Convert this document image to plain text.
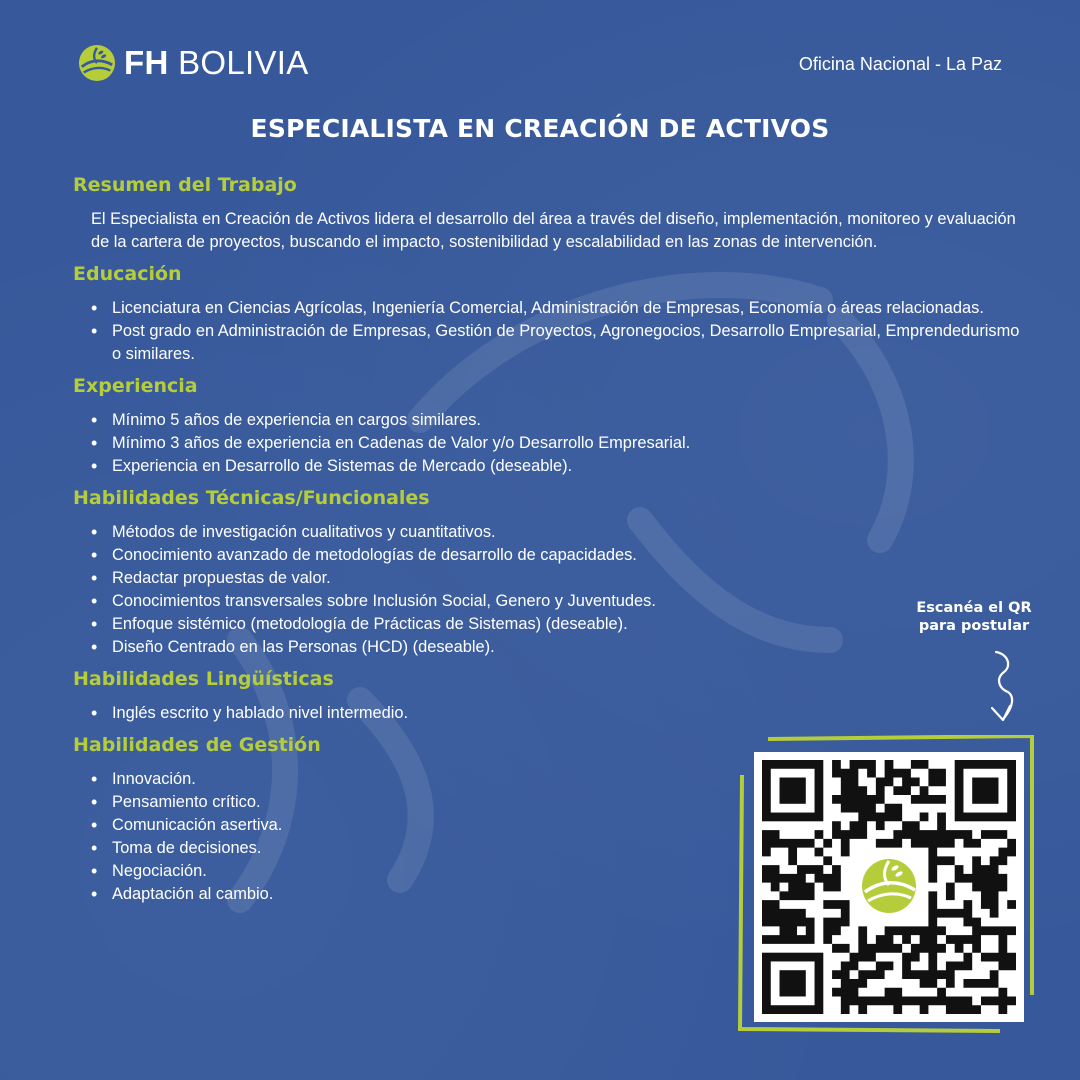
FH BOLIVIA	Oficina Nacional - La Paz
ESPECIALISTA EN CREACIÓN DE ACTIVOS
Resumen del Trabajo

El Especialista en Creación de Activos lidera el desarrollo del área a través del diseño, implementación, monitoreo y evaluación de la cartera de proyectos, buscando el impacto, sostenibilidad y escalabilidad en las zonas de intervención.

Educación
• Licenciatura en Ciencias Agrícolas, Ingeniería Comercial, Administración de Empresas, Economía o áreas relacionadas.
• Post grado en Administración de Empresas, Gestión de Proyectos, Agronegocios, Desarrollo Empresarial, Emprendedurismo o similares.
Experiencia
• Mínimo 5 años de experiencia en cargos similares.
• Mínimo 3 años de experiencia en Cadenas de Valor y/o Desarrollo Empresarial.
• Experiencia en Desarrollo de Sistemas de Mercado (deseable).
Habilidades Técnicas/Funcionales
• Métodos de investigación cualitativos y cuantitativos.
• Conocimiento avanzado de metodologías de desarrollo de capacidades.
• Redactar propuestas de valor.
• Conocimientos transversales sobre Inclusión Social, Genero y Juventudes.
• Enfoque sistémico (metodología de Prácticas de Sistemas) (deseable).
• Diseño Centrado en las Personas (HCD) (deseable).
Habilidades Lingüísticas
• Inglés escrito y hablado nivel intermedio.
Habilidades de Gestión
• Innovación.
• Pensamiento crítico.
• Comunicación asertiva.
• Toma de decisiones.
• Negociación.
• Adaptación al cambio.
Escanéa el QR
para postular
